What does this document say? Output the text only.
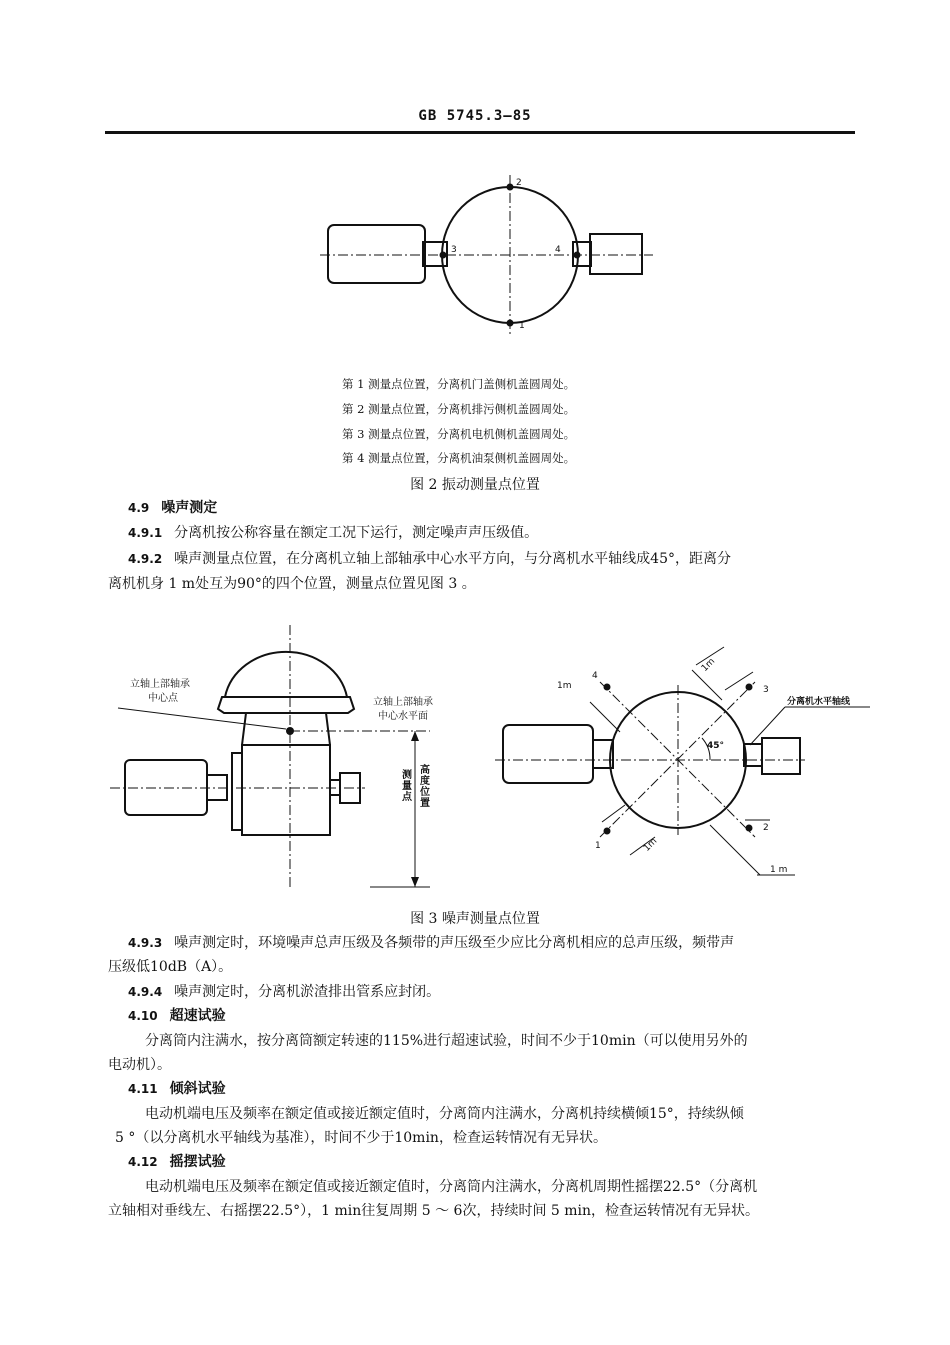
GB 5745.3—85
2
1
3	4
第 1 测量点位置，分离机门盖侧机盖圆周处。
第 2 测量点位置，分离机排污侧机盖圆周处。
第 3 测量点位置，分离机电机侧机盖圆周处。
第 4 测量点位置，分离机油泵侧机盖圆周处。
图 2 振动测量点位置
4.9 噪声测定
4.9.1 分离机按公称容量在额定工况下运行，测定噪声声压级值。
4.9.2 噪声测量点位置，在分离机立轴上部轴承中心水平方向，与分离机水平轴线成45°，距离分
离机机身 1 m处互为90°的四个位置，测量点位置见图 3 。
立轴上部轴承
中心点	立轴上部轴承
中心水平面
测量点
高度位置
1m
4
1m
3
1	1m
2
1 m
45°
分离机水平轴线
图 3 噪声测量点位置
4.9.3 噪声测定时，环境噪声总声压级及各频带的声压级至少应比分离机相应的总声压级，频带声
压级低10dB（A）。
4.9.4 噪声测定时，分离机淤渣排出管系应封闭。
4.10 超速试验
分离筒内注满水，按分离筒额定转速的115%进行超速试验，时间不少于10min（可以使用另外的
电动机）。
4.11 倾斜试验
电动机端电压及频率在额定值或接近额定值时，分离筒内注满水，分离机持续横倾15°，持续纵倾
5 °（以分离机水平轴线为基准），时间不少于10min，检查运转情况有无异状。
4.12 摇摆试验
电动机端电压及频率在额定值或接近额定值时，分离筒内注满水，分离机周期性摇摆22.5°（分离机
立轴相对垂线左、右摇摆22.5°），1 min往复周期 5 ～ 6次，持续时间 5 min，检查运转情况有无异状。
